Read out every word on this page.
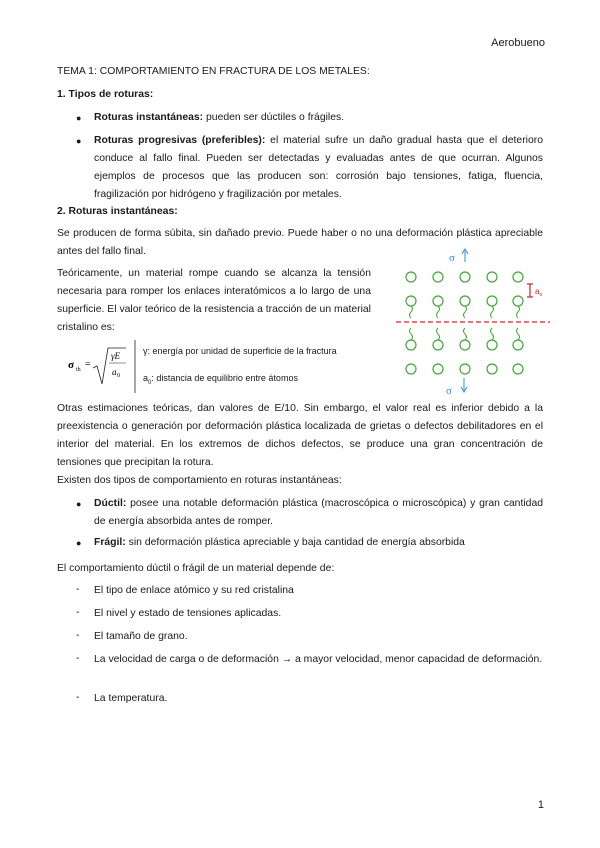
Aerobueno
TEMA 1: COMPORTAMIENTO EN FRACTURA DE LOS METALES:
1. Tipos de roturas:
● Roturas instantáneas: pueden ser dúctiles o frágiles.
● Roturas progresivas (preferibles): el material sufre un daño gradual hasta que el deterioro conduce al fallo final. Pueden ser detectadas y evaluadas antes de que ocurran. Algunos ejemplos de procesos que las producen son: corrosión bajo tensiones, fatiga, fluencia, fragilización por hidrógeno y fragilización por metales.
2. Roturas instantáneas:
Se producen de forma súbita, sin dañado previo. Puede haber o no una deformación plástica apreciable antes del fallo final.
Teóricamente, un material rompe cuando se alcanza la tensión necesaria para romper los enlaces interatómicos a lo largo de una superficie. El valor teórico de la resistencia a tracción de un material cristalino es:
σ th =
γE
a 0
γ: energía por unidad de superficie de la fractura
$a_0$: distancia de equilibrio entre átomos
σ
σ
$a_o$
Otras estimaciones teóricas, dan valores de E/10. Sin embargo, el valor real es inferior debido a la preexistencia o generación por deformación plástica localizada de grietas o defectos debilitadores en el interior del material. En los extremos de dichos defectos, se produce una gran concentración de tensiones que precipitan la rotura.
Existen dos tipos de comportamiento en roturas instantáneas:
● Dúctil: posee una notable deformación plástica (macroscópica o microscópica) y gran cantidad de energía absorbida antes de romper.
● Frágil: sin deformación plástica apreciable y baja cantidad de energía absorbida
El comportamiento dúctil o frágil de un material depende de:
- El tipo de enlace atómico y su red cristalina
- El nivel y estado de tensiones aplicadas.
- El tamaño de grano.
- La velocidad de carga o de deformación → a mayor velocidad, menor capacidad de deformación.
- La temperatura.
1
